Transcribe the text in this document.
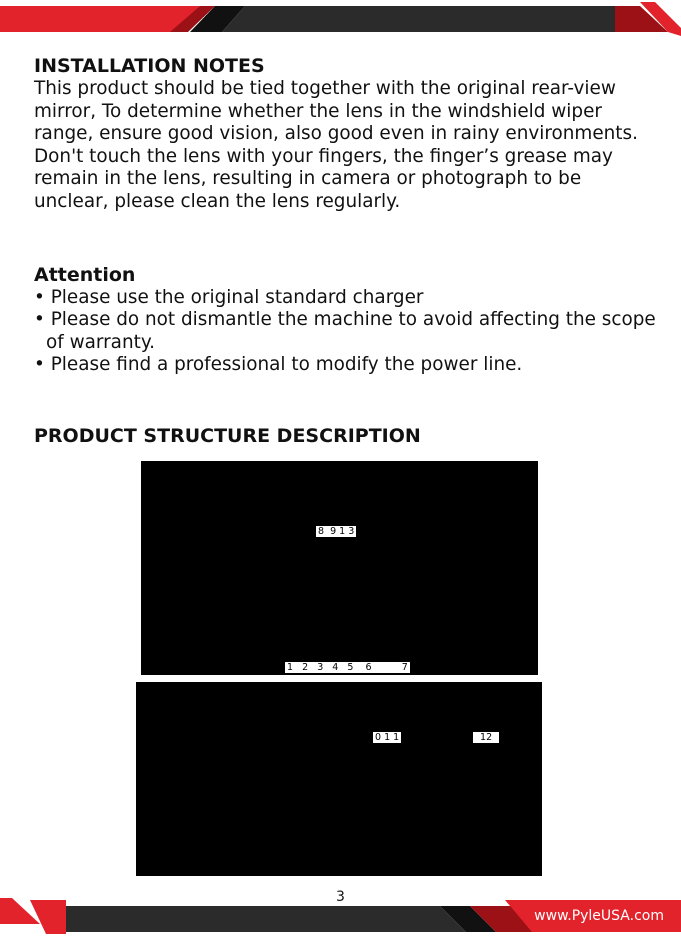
INSTALLATION NOTES

This product should be tied together with the original rear-view mirror, To determine whether the lens in the windshield wiper range, ensure good vision, also good even in rainy environments.

Don't touch the lens with your fingers, the finger’s grease may remain in the lens, resulting in camera or photograph to be unclear, please clean the lens regularly.

Attention
• Please use the original standard charger
• Please do not dismantle the machine to avoid affecting the scope of warranty.
• Please find a professional to modify the power line.
PRODUCT STRUCTURE DESCRIPTION
8  9 1 3
1   2   3   4   5    6          7
0 1 1	12
3
www.PyleUSA.com
